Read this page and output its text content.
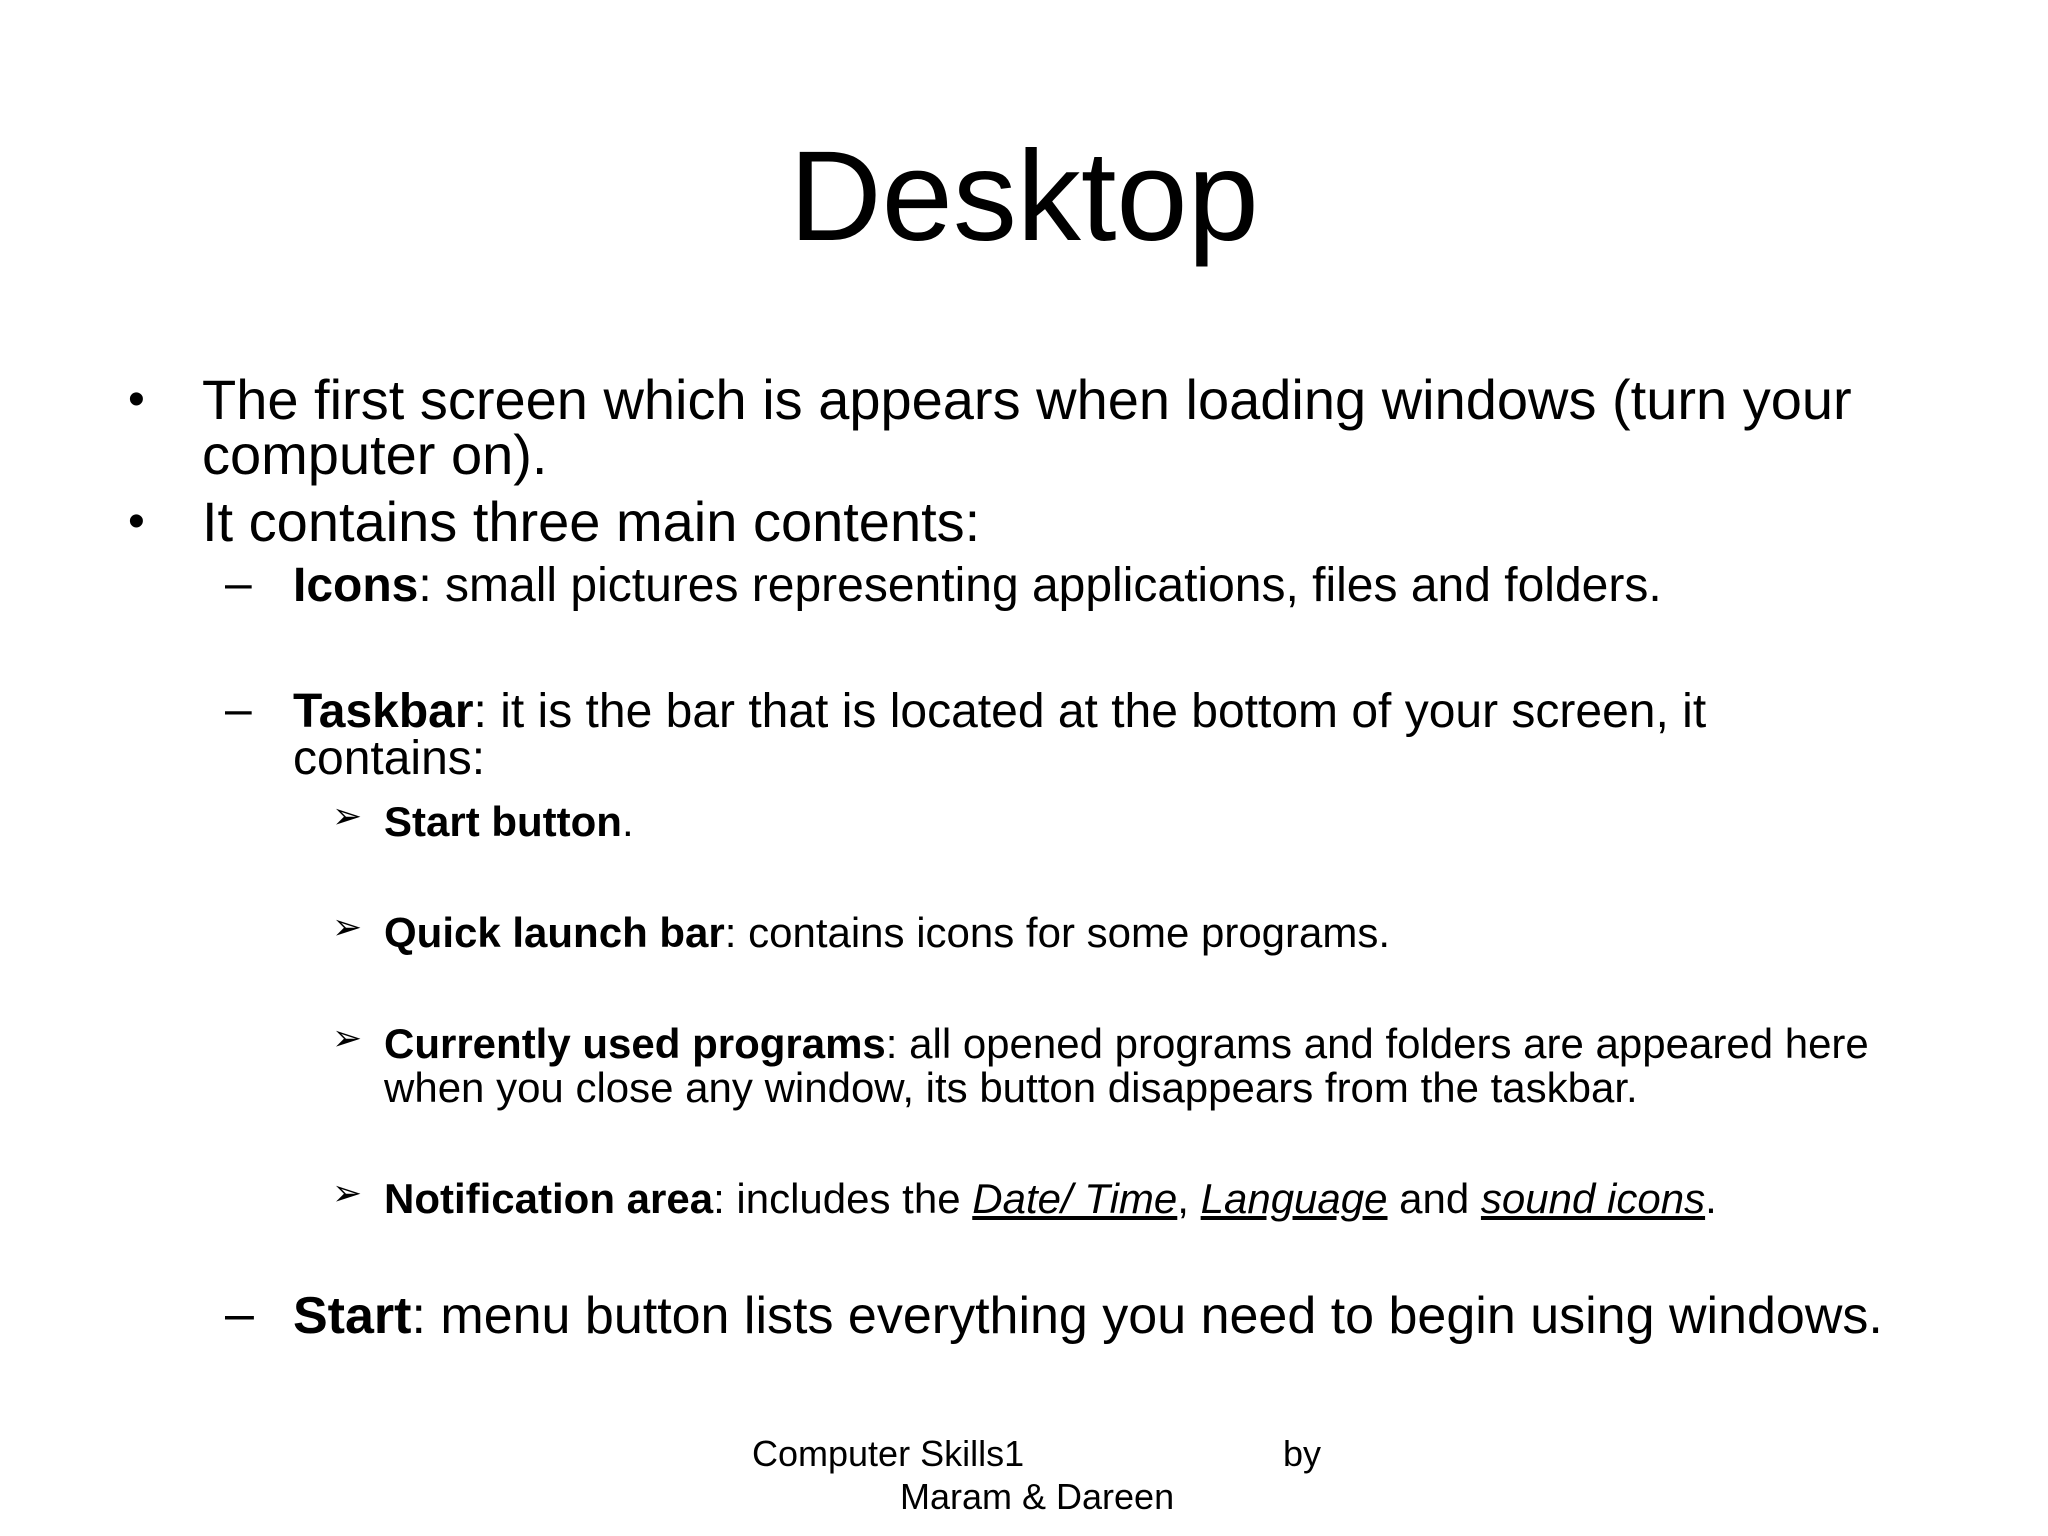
Desktop

• The first screen which is appears when loading windows (turn your computer on).

• It contains three main contents:

– Icons: small pictures representing applications, files and folders.

– Taskbar: it is the bar that is located at the bottom of your screen, it contains:

➢ Start button.

➢ Quick launch bar: contains icons for some programs.

➢ Currently used programs: all opened programs and folders are appeared here when you close any window, its button disappears from the taskbar.

➢ Notification area: includes the Date/ Time, Language and sound icons.

– Start: menu button lists everything you need to begin using windows.

Computer Skills1	by
Maram & Dareen
